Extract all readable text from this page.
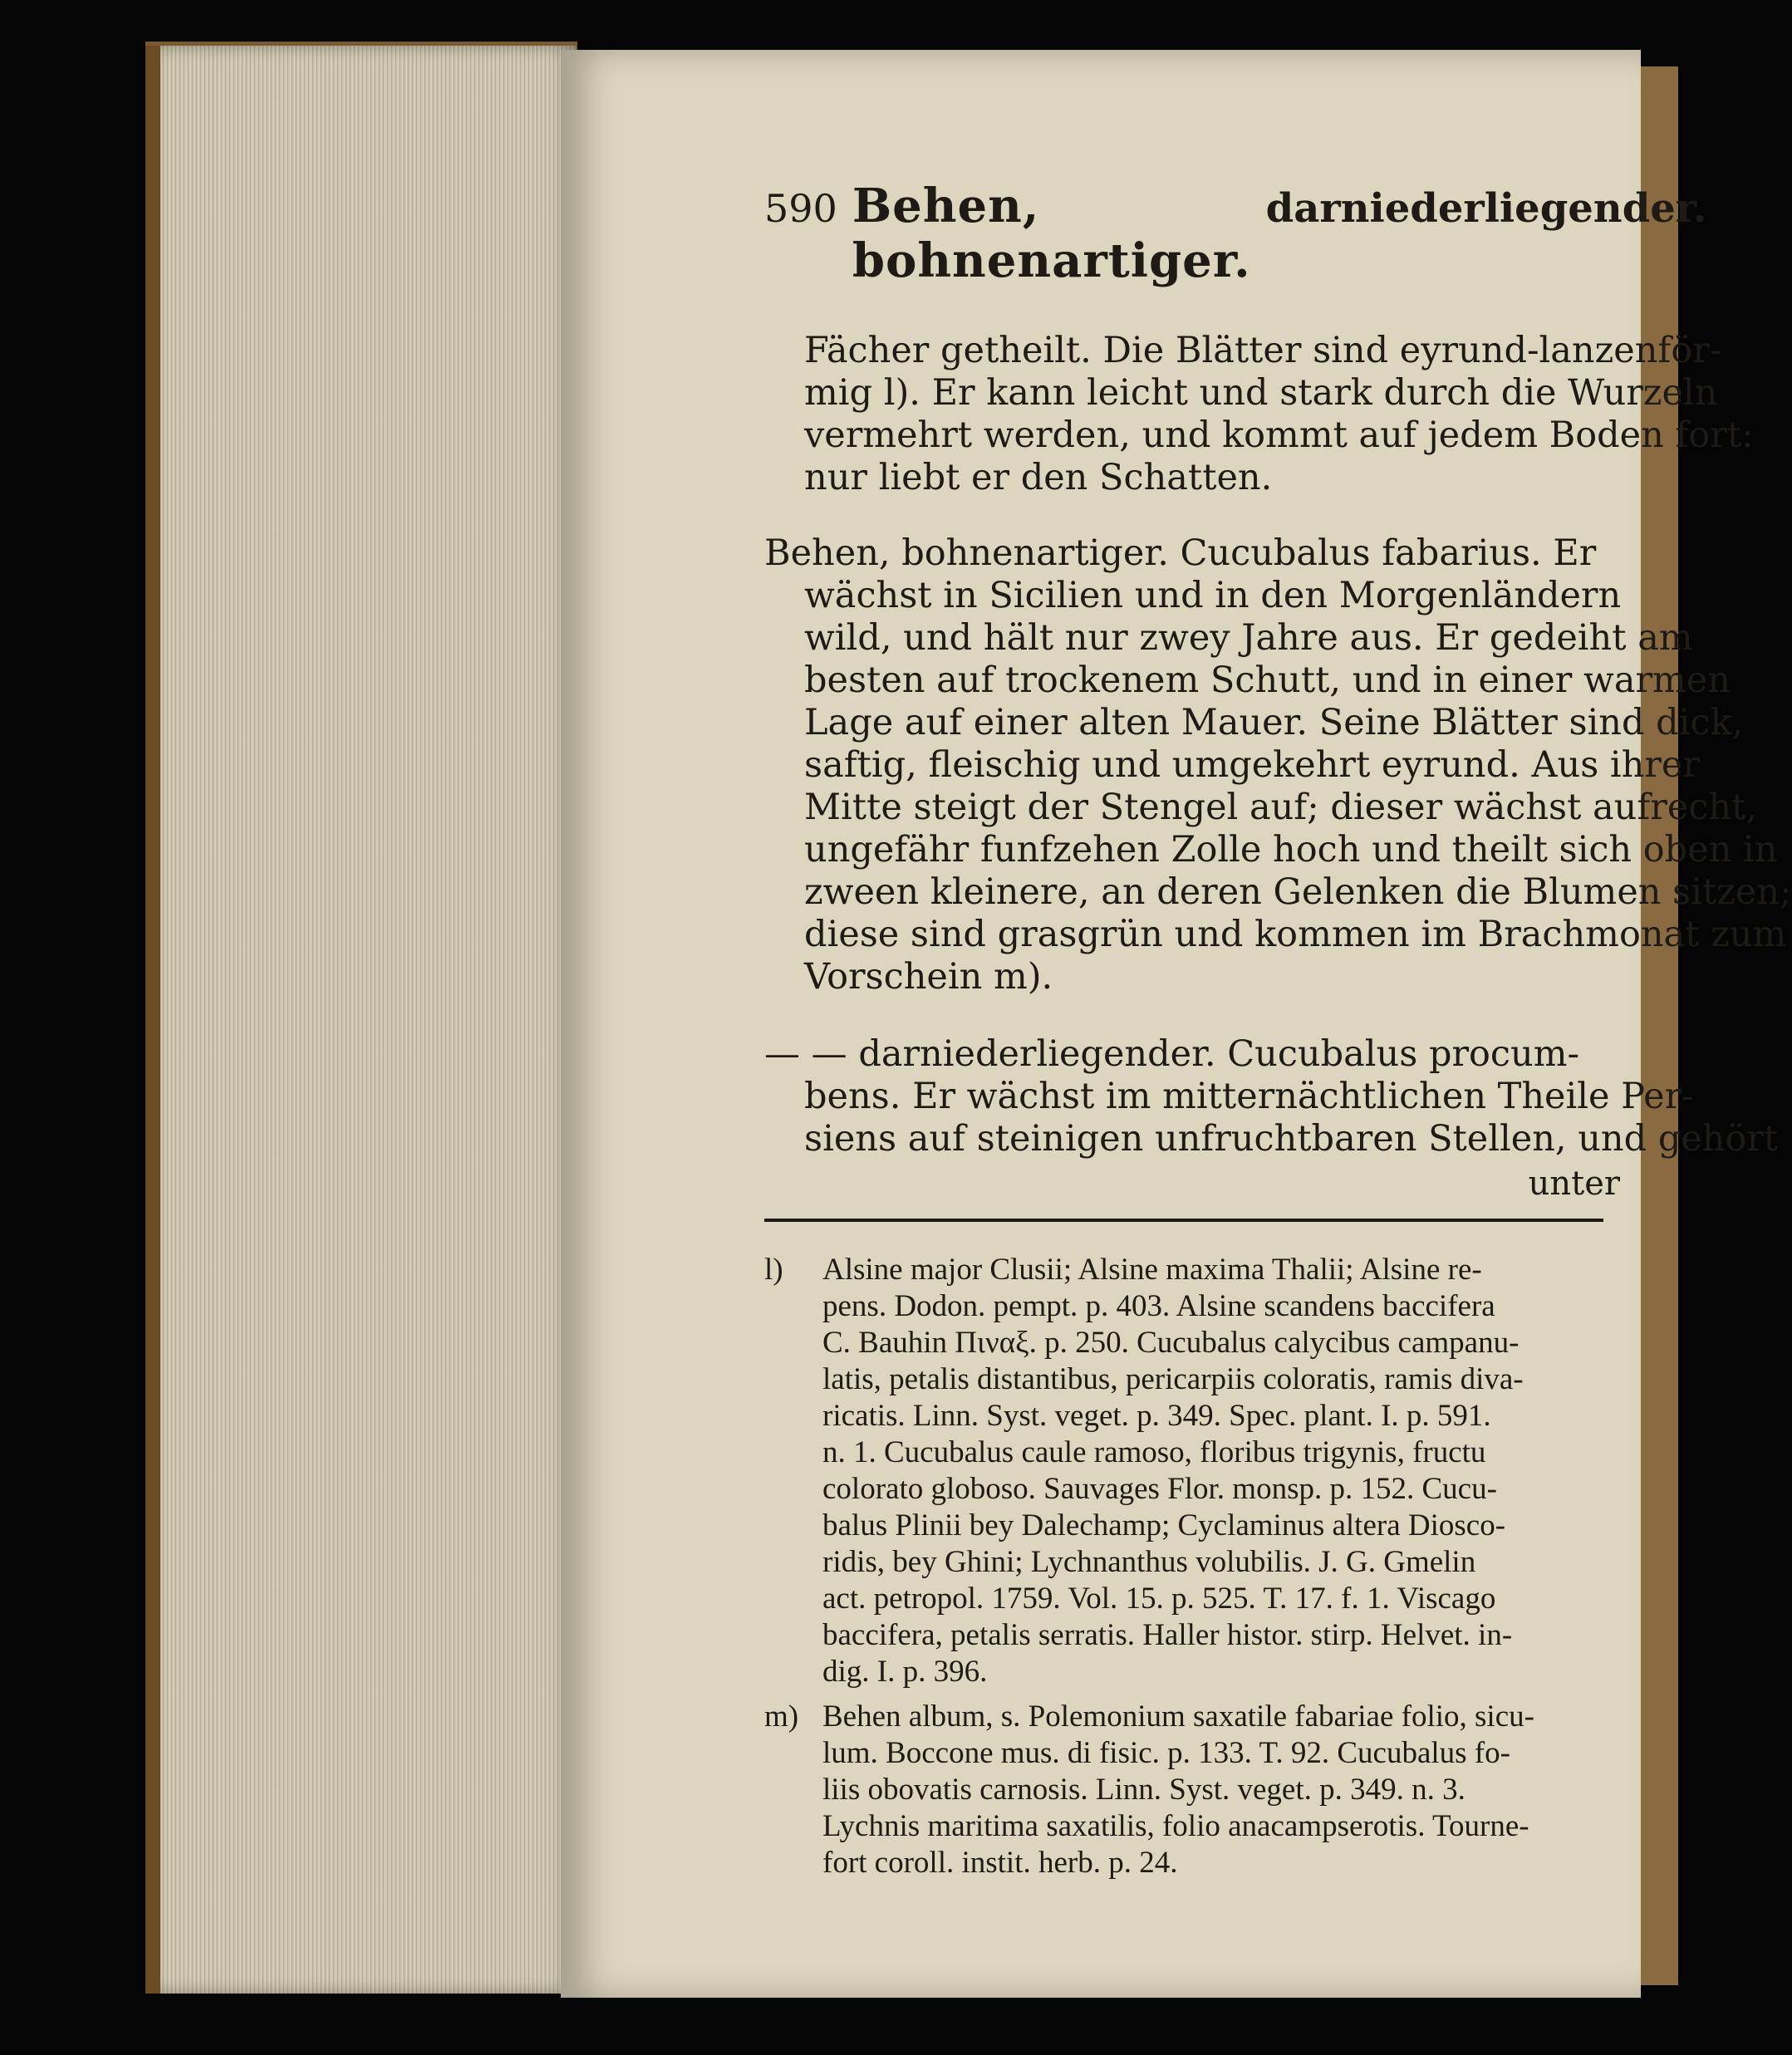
590 Behen, bohnenartiger.
darniederliegender.
Fächer getheilt. Die Blätter sind eyrund-lanzenför-
mig l). Er kann leicht und stark durch die Wurzeln
vermehrt werden, und kommt auf jedem Boden fort:
nur liebt er den Schatten.
Behen, bohnenartiger. Cucubalus fabarius. Er
wächst in Sicilien und in den Morgenländern
wild, und hält nur zwey Jahre aus. Er gedeiht am
besten auf trockenem Schutt, und in einer warmen
Lage auf einer alten Mauer. Seine Blätter sind dick,
saftig, fleischig und umgekehrt eyrund. Aus ihrer
Mitte steigt der Stengel auf; dieser wächst aufrecht,
ungefähr funfzehen Zolle hoch und theilt sich oben in
zween kleinere, an deren Gelenken die Blumen sitzen;
diese sind grasgrün und kommen im Brachmonat zum
Vorschein m).
— — darniederliegender. Cucubalus procum-
bens. Er wächst im mitternächtlichen Theile Per-
siens auf steinigen unfruchtbaren Stellen, und gehört
unter
l) Alsine major Clusii; Alsine maxima Thalii; Alsine re-
pens. Dodon. pempt. p. 403. Alsine scandens baccifera
C. Bauhin Πιναξ. p. 250. Cucubalus calycibus campanu-
latis, petalis distantibus, pericarpiis coloratis, ramis diva-
ricatis. Linn. Syst. veget. p. 349. Spec. plant. I. p. 591.
n. 1. Cucubalus caule ramoso, floribus trigynis, fructu
colorato globoso. Sauvages Flor. monsp. p. 152. Cucu-
balus Plinii bey Dalechamp; Cyclaminus altera Diosco-
ridis, bey Ghini; Lychnanthus volubilis. J. G. Gmelin
act. petropol. 1759. Vol. 15. p. 525. T. 17. f. 1. Viscago
baccifera, petalis serratis. Haller histor. stirp. Helvet. in-
dig. I. p. 396.
m) Behen album, s. Polemonium saxatile fabariae folio, sicu-
lum. Boccone mus. di fisic. p. 133. T. 92. Cucubalus fo-
liis obovatis carnosis. Linn. Syst. veget. p. 349. n. 3.
Lychnis maritima saxatilis, folio anacampserotis. Tourne-
fort coroll. instit. herb. p. 24.
